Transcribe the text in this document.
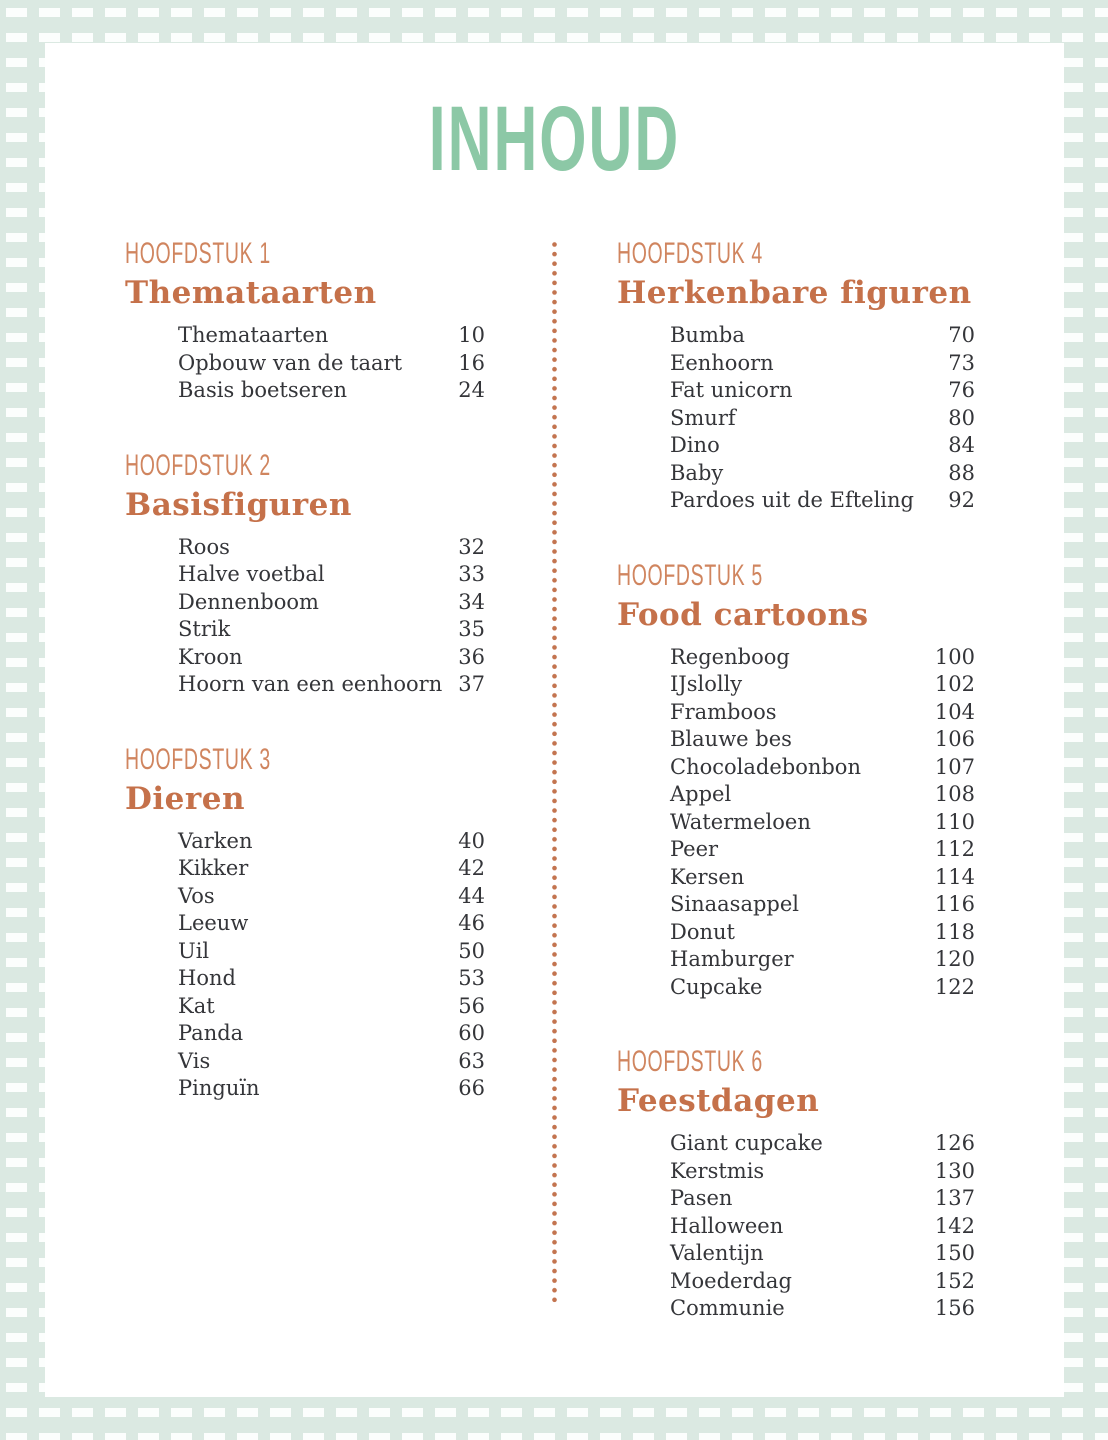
INHOUD
HOOFDSTUK 1
Themataarten
Themataarten	10
Opbouw van de taart	16
Basis boetseren	24
HOOFDSTUK 2
Basisfiguren
Roos	32
Halve voetbal	33
Dennenboom	34
Strik	35
Kroon	36
Hoorn van een eenhoorn 37
HOOFDSTUK 3
Dieren
Varken	40
Kikker	42
Vos	44
Leeuw	46
Uil	50
Hond	53
Kat	56
Panda	60
Vis	63
Pinguïn	66
HOOFDSTUK 4
Herkenbare figuren
Bumba	70
Eenhoorn	73
Fat unicorn	76
Smurf	80
Dino	84
Baby	88
Pardoes uit de Efteling 92
HOOFDSTUK 5
Food cartoons
Regenboog	100
IJslolly	102
Framboos	104
Blauwe bes	106
Chocoladebonbon	107
Appel	108
Watermeloen	110
Peer	112
Kersen	114
Sinaasappel	116
Donut	118
Hamburger	120
Cupcake	122
HOOFDSTUK 6
Feestdagen
Giant cupcake	126
Kerstmis	130
Pasen	137
Halloween	142
Valentijn	150
Moederdag	152
Communie	156
